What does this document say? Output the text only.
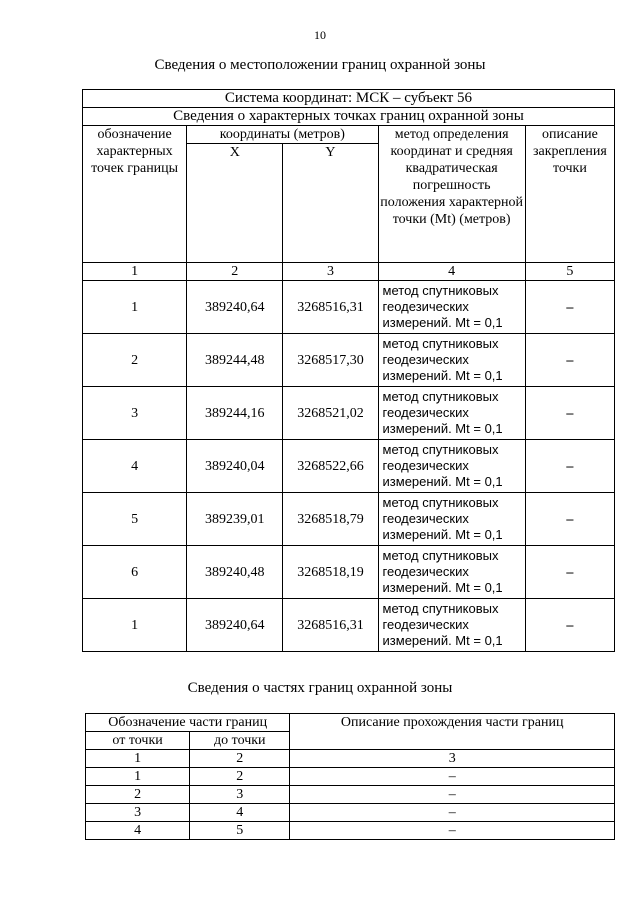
10
Сведения о местоположении границ охранной зоны
Система координат: МСК – субъект 56				
Сведения о характерных точках границ охранной зоны				
обозначение характерных точек границы	координаты (метров)		метод определения координат и средняя квадратическая погрешность положения характерной точки (Mt) (метров)	описание закрепления точки
	X	Y		
1	2	3	4	5
1	389240,64	3268516,31	метод спутниковых геодезических измерений. Mt = 0,1	–
2	389244,48	3268517,30	метод спутниковых геодезических измерений. Mt = 0,1	–
3	389244,16	3268521,02	метод спутниковых геодезических измерений. Mt = 0,1	–
4	389240,04	3268522,66	метод спутниковых геодезических измерений. Mt = 0,1	–
5	389239,01	3268518,79	метод спутниковых геодезических измерений. Mt = 0,1	–
6	389240,48	3268518,19	метод спутниковых геодезических измерений. Mt = 0,1	–
1	389240,64	3268516,31	метод спутниковых геодезических измерений. Mt = 0,1	–
Сведения о частях границ охранной зоны
Обозначение части границ		Описание прохождения части границ
от точки	до точки	
1	2	3
1	2	–
2	3	–
3	4	–
4	5	–
